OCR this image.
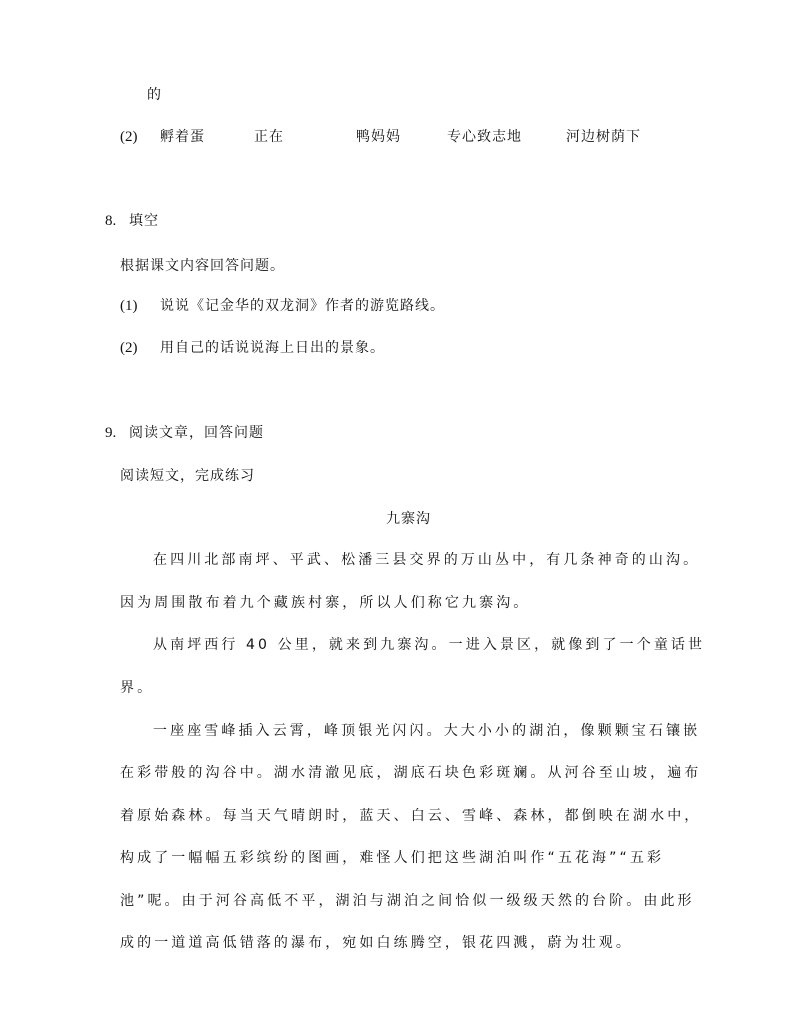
的
(2) 孵着蛋	正在	鸭妈妈	专心致志地	河边树荫下
8. 填空
根据课文内容回答问题。
(1) 说说《记金华的双龙洞》作者的游览路线。
(2) 用自己的话说说海上日出的景象。
9. 阅读文章，回答问题
阅读短文，完成练习
九寨沟
在四川北部南坪、平武、松潘三县交界的万山丛中，有几条神奇的山沟。
因为周围散布着九个藏族村寨，所以人们称它九寨沟。
从南坪西行 40 公里，就来到九寨沟。一进入景区，就像到了一个童话世
界。
一座座雪峰插入云霄，峰顶银光闪闪。大大小小的湖泊，像颗颗宝石镶嵌
在彩带般的沟谷中。湖水清澈见底，湖底石块色彩斑斓。从河谷至山坡，遍布
着原始森林。每当天气晴朗时，蓝天、白云、雪峰、森林，都倒映在湖水中，
构成了一幅幅五彩缤纷的图画，难怪人们把这些湖泊叫作“五花海”“五彩
池”呢。由于河谷高低不平，湖泊与湖泊之间恰似一级级天然的台阶。由此形
成的一道道高低错落的瀑布，宛如白练腾空，银花四溅，蔚为壮观。
